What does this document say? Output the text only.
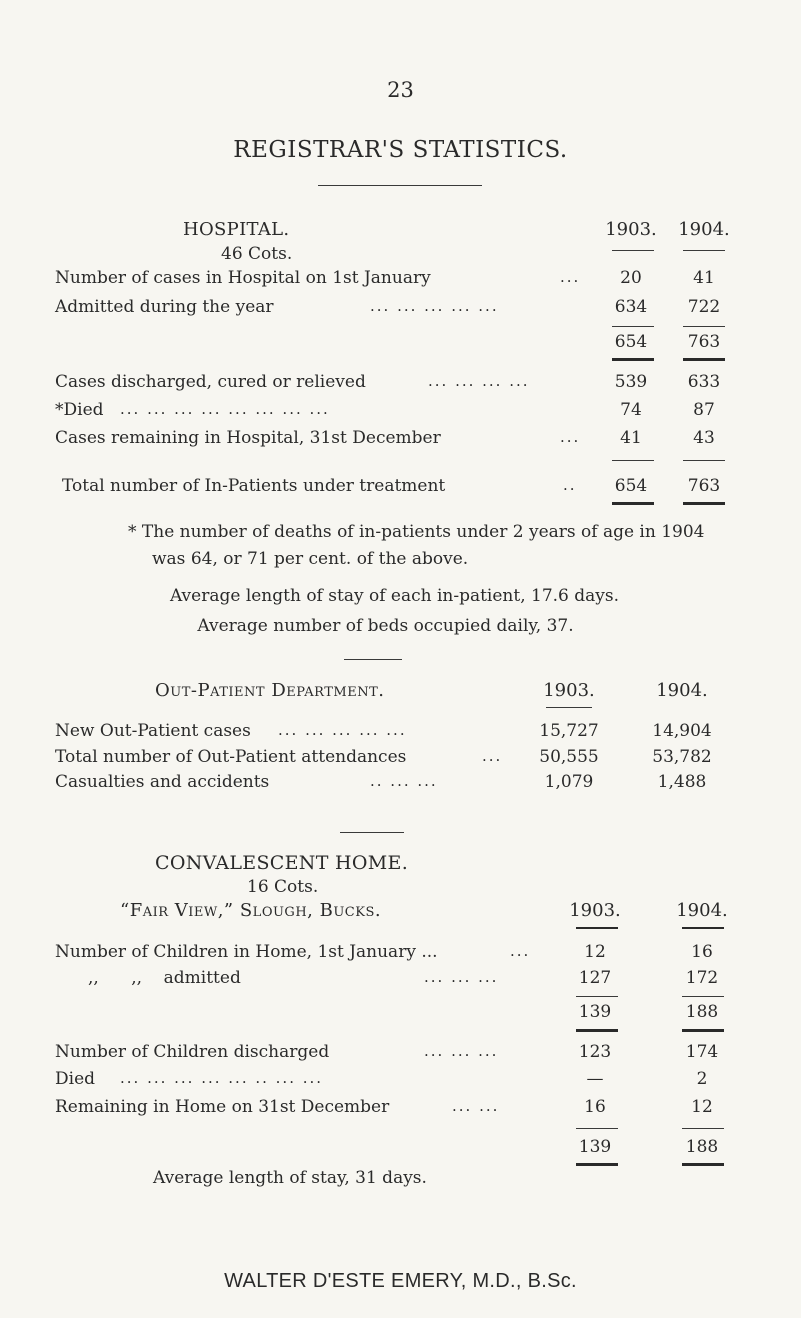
23
REGISTRAR'S STATISTICS.
HOSPITAL.
46 Cots.
1903.	1904.
Number of cases in Hospital on 1st January	...	20	41
Admitted during the year	... ... ... ... ...	634	722
654	763
Cases discharged, cured or relieved	... ... ... ...	539	633
*Died ... ... ... ... ... ... ... ...	74	87
Cases remaining in Hospital, 31st December	...	41	43
Total number of In-Patients under treatment	..	654	763
* The number of deaths of in-patients under 2 years of age in 1904
was 64, or 71 per cent. of the above.
Average length of stay of each in-patient, 17.6 days.
Average number of beds occupied daily, 37.
Out-Patient Department.	1903.	1904.
New Out-Patient cases ... ... ... ... ...	15,727	14,904
Total number of Out-Patient attendances	...	50,555	53,782
Casualties and accidents	.. ... ...	1,079	1,488
CONVALESCENT HOME.
16 Cots.
“Fair View,” Slough, Bucks.	1903.	1904.
Number of Children in Home, 1st January ...	...	12	16
,,      ,,    admitted	... ... ...	127	172
139	188
Number of Children discharged	... ... ...	123	174
Died ... ... ... ... ... .. ... ...	—	2
Remaining in Home on 31st December	... ...	16	12
139	188
Average length of stay, 31 days.
WALTER D'ESTE EMERY, M.D., B.Sc.
